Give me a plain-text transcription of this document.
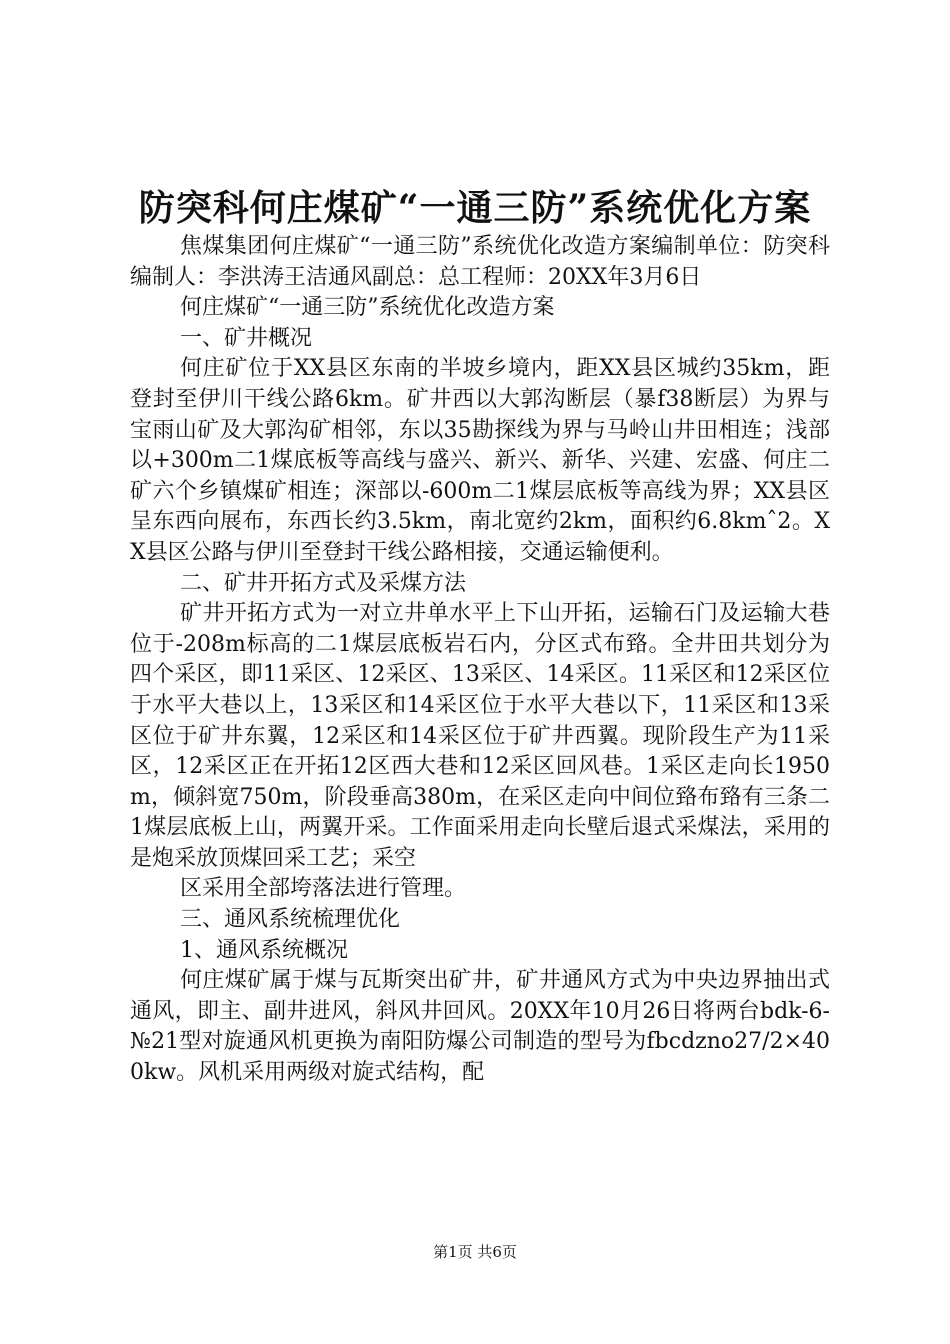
防突科何庄煤矿“一通三防”系统优化方案

焦煤集团何庄煤矿“一通三防”系统优化改造方案编制单位：防突科编制人：李洪涛王洁通风副总：总工程师：20XX年3月6日

何庄煤矿“一通三防”系统优化改造方案

一、矿井概况

何庄矿位于XX县区东南的半坡乡境内，距XX县区城约35km，距登封至伊川干线公路6km。矿井西以大郭沟断层（暴f38断层）为界与宝雨山矿及大郭沟矿相邻，东以35勘探线为界与马岭山井田相连；浅部以+300m二1煤底板等高线与盛兴、新兴、新华、兴建、宏盛、何庄二矿六个乡镇煤矿相连；深部以-600m二1煤层底板等高线为界；XX县区呈东西向展布，东西长约3.5km，南北宽约2km，面积约6.8kmˆ2。XX县区公路与伊川至登封干线公路相接，交通运输便利。

二、矿井开拓方式及采煤方法

矿井开拓方式为一对立井单水平上下山开拓，运输石门及运输大巷位于-208m标高的二1煤层底板岩石内，分区式布臵。全井田共划分为四个采区，即11采区、12采区、13采区、14采区。11采区和12采区位于水平大巷以上，13采区和14采区位于水平大巷以下，11采区和13采区位于矿井东翼，12采区和14采区位于矿井西翼。现阶段生产为11采区，12采区正在开拓12区西大巷和12采区回风巷。1采区走向长1950m，倾斜宽750m，阶段垂高380m，在采区走向中间位臵布臵有三条二1煤层底板上山，两翼开采。工作面采用走向长壁后退式采煤法，采用的是炮采放顶煤回采工艺；采空

区采用全部垮落法进行管理。

三、通风系统梳理优化

1、通风系统概况

何庄煤矿属于煤与瓦斯突出矿井，矿井通风方式为中央边界抽出式通风，即主、副井进风，斜风井回风。20XX年10月26日将两台bdk-6-№21型对旋通风机更换为南阳防爆公司制造的型号为fbcdzno27/2×400kw。风机采用两级对旋式结构，配

第1页 共6页
